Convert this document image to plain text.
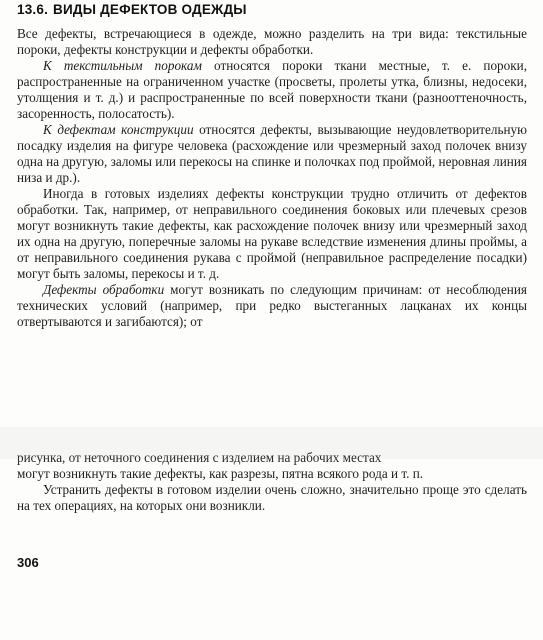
13.6. ВИДЫ ДЕФЕКТОВ ОДЕЖДЫ

Все дефекты, встречающиеся в одежде, можно разделить на три вида: текстильные пороки, дефекты конструкции и дефекты обработки.

К текстильным порокам относятся пороки ткани местные, т. е. пороки, распространенные на ограниченном участке (просветы, пролеты утка, близны, недосеки, утолщения и т. д.) и распространенные по всей поверхности ткани (разнооттеночность, засоренность, полосатость).

К дефектам конструкции относятся дефекты, вызывающие неудовлетворительную посадку изделия на фигуре человека (расхождение или чрезмерный заход полочек внизу одна на другую, заломы или перекосы на спинке и полочках под проймой, неровная линия низа и др.).

Иногда в готовых изделиях дефекты конструкции трудно отличить от дефектов обработки. Так, например, от неправильного соединения боковых или плечевых срезов могут возникнуть такие дефекты, как расхождение полочек внизу или чрезмерный заход их одна на другую, поперечные заломы на рукаве вследствие изменения длины проймы, а от неправильного соединения рукава с проймой (неправильное распределение посадки) могут быть заломы, перекосы и т. д.

Дефекты обработки могут возникать по следующим причинам: от несоблюдения технических условий (например, при редко выстеганных лацканах их концы отвертываются и загибаются); от

рисунка, от неточного соединения с изделием на рабочих местах

могут возникнуть такие дефекты, как разрезы, пятна всякого рода и т. п.

Устранить дефекты в готовом изделии очень сложно, значительно проще это сделать на тех операциях, на которых они возникли.

306
